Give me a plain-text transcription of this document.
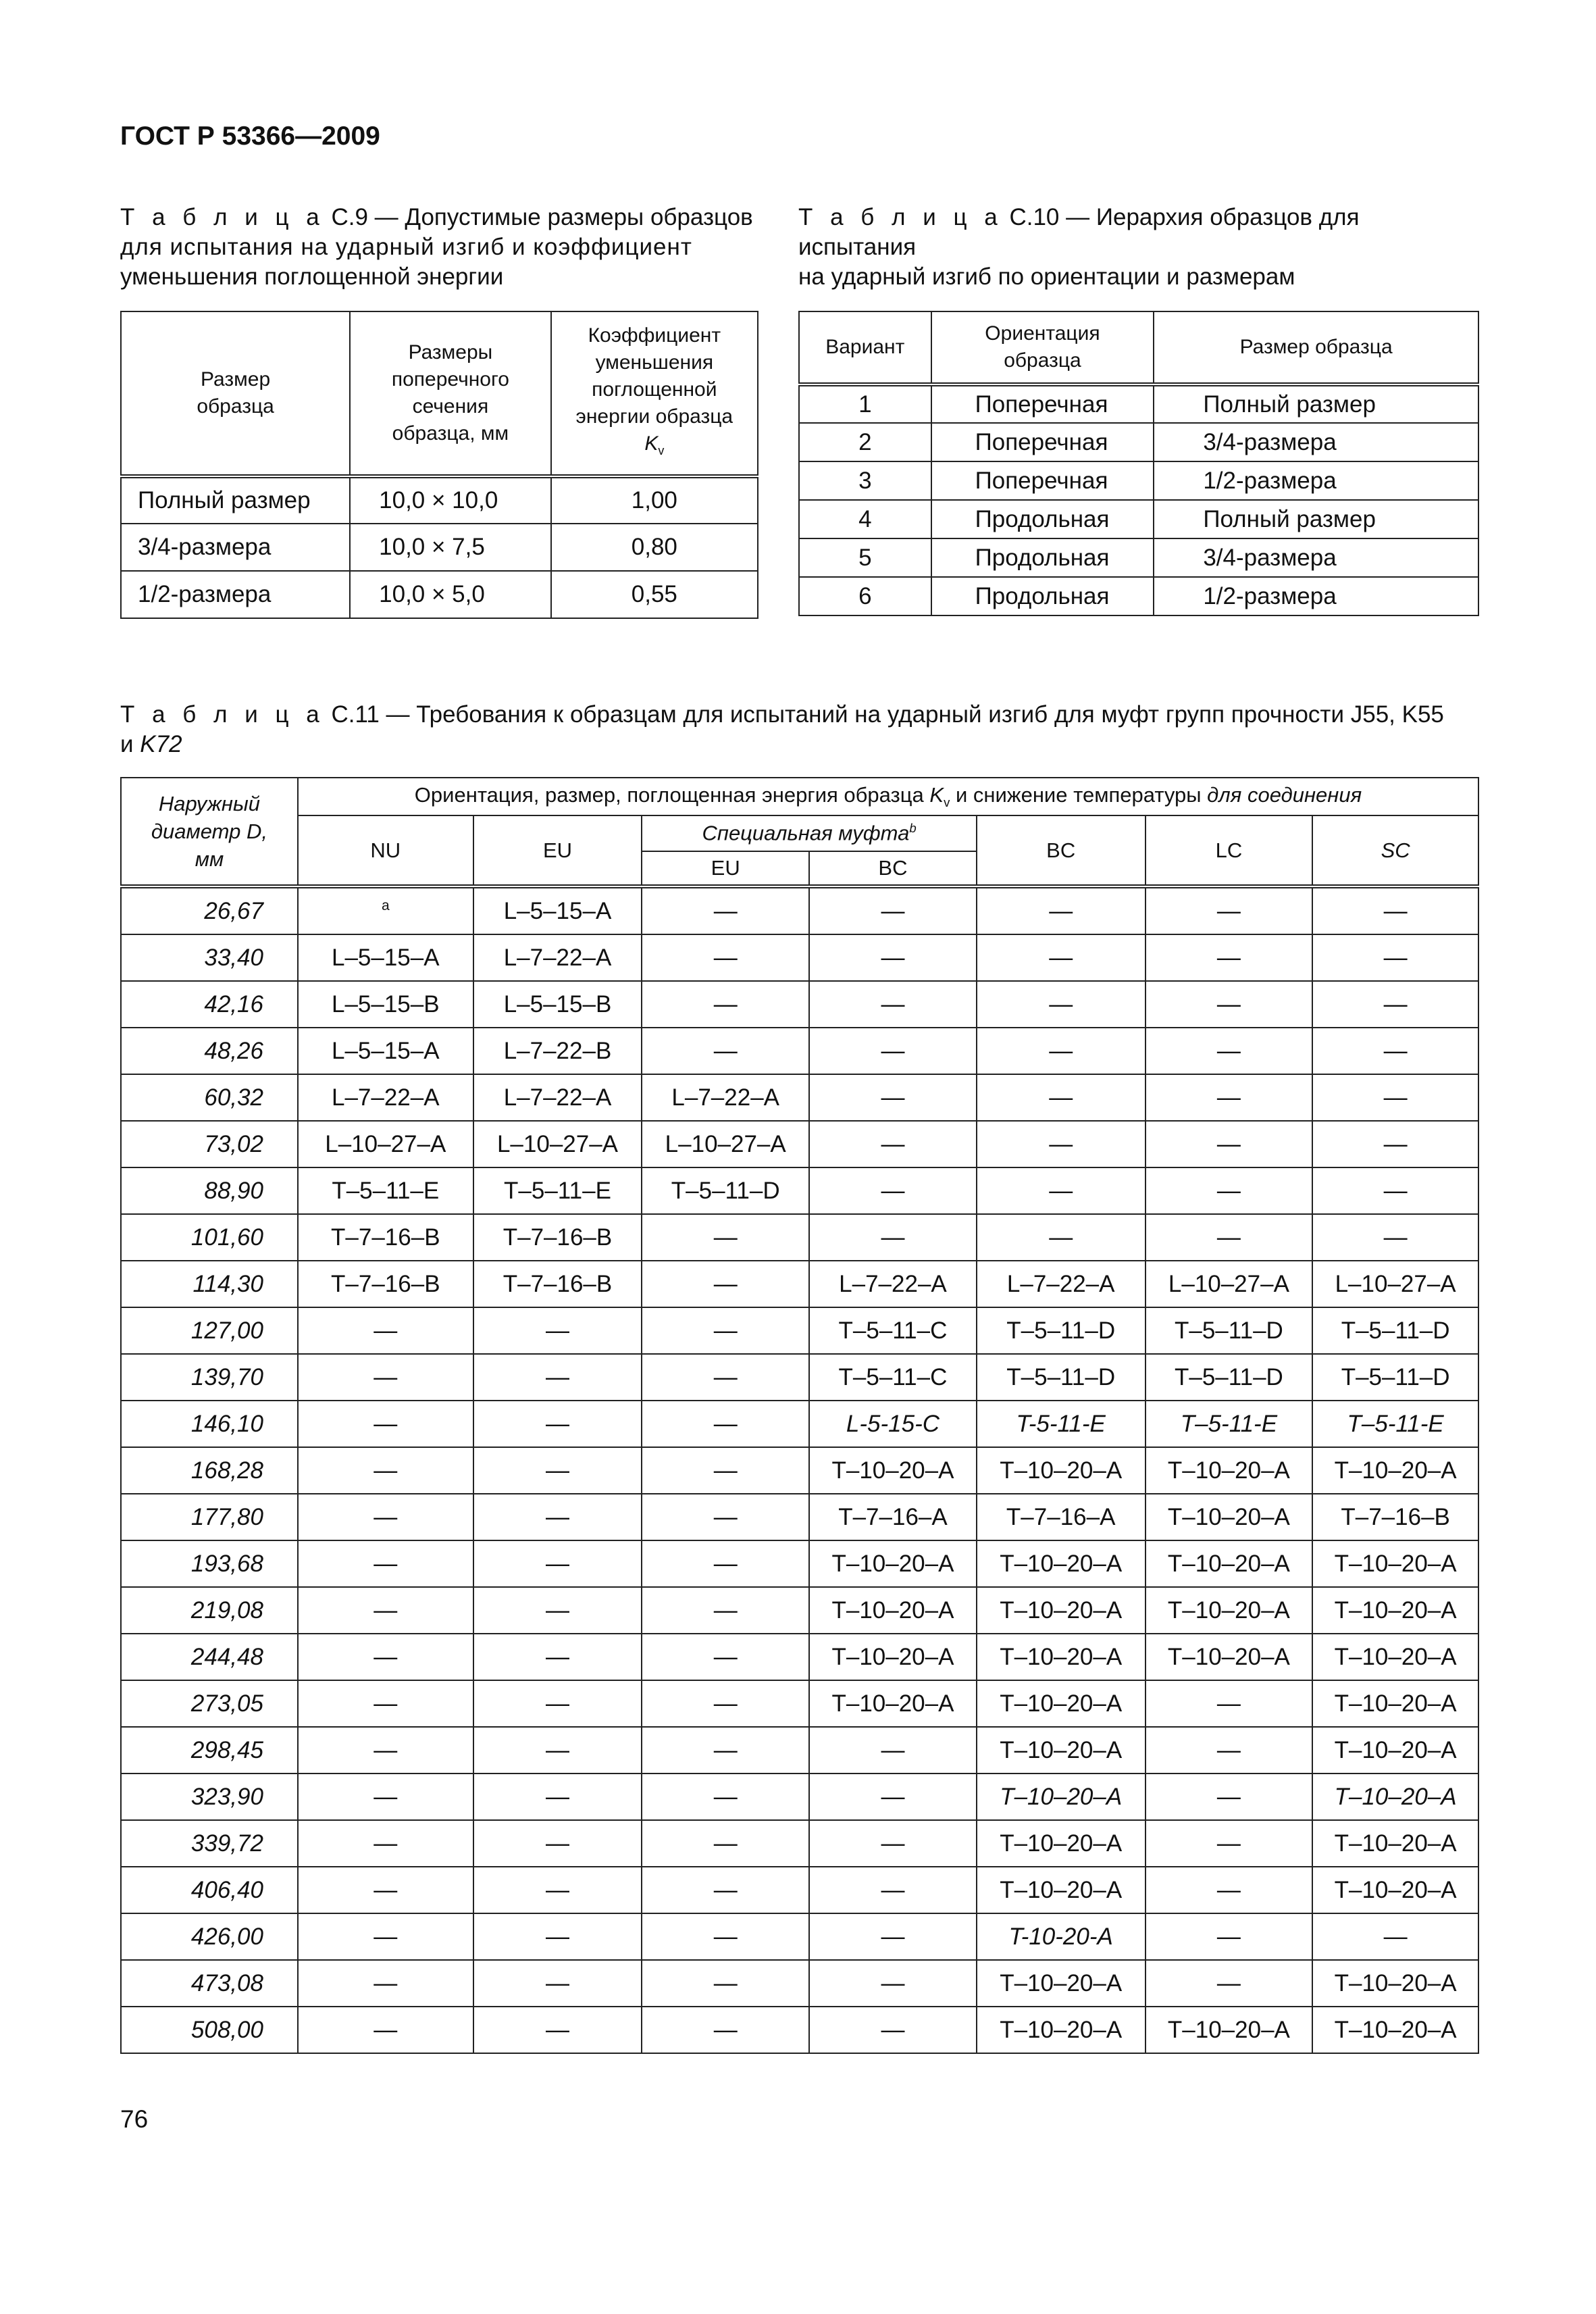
ГОСТ Р 53366—2009
Т а б л и ц а С.9 — Допустимые размеры образцов
для испытания на ударный изгиб и коэффициент
уменьшения поглощенной энергии
Размер образца	Размеры поперечного сечения образца, мм	Коэффициент уменьшения поглощенной энергии образца
$K_v$
Полный размер	10,0 × 10,0	1,00
3/4-размера	10,0 × 7,5	0,80
1/2-размера	10,0 × 5,0	0,55
Т а б л и ц а С.10 — Иерархия образцов для испытания
на ударный изгиб по ориентации и размерам
Вариант	Ориентация образца	Размер образца
1	Поперечная	Полный размер
2	Поперечная	3/4-размера
3	Поперечная	1/2-размера
4	Продольная	Полный размер
5	Продольная	3/4-размера
6	Продольная	1/2-размера
Т а б л и ц а С.11 — Требования к образцам для испытаний на ударный изгиб для муфт групп прочности J55, K55
и K72
Наружный диаметр D, мм	Ориентация, размер, поглощенная энергия образца $K_v$ и снижение температуры для соединения						
	NU	EU	Специальная муфта$^b$		BC	LC	SC
			EU	BC			
26,67	$^a$	L–5–15–A	—	—	—	—	—
33,40	L–5–15–A	L–7–22–A	—	—	—	—	—
42,16	L–5–15–B	L–5–15–B	—	—	—	—	—
48,26	L–5–15–A	L–7–22–B	—	—	—	—	—
60,32	L–7–22–A	L–7–22–A	L–7–22–A	—	—	—	—
73,02	L–10–27–A	L–10–27–A	L–10–27–A	—	—	—	—
88,90	T–5–11–E	T–5–11–E	T–5–11–D	—	—	—	—
101,60	T–7–16–B	T–7–16–B	—	—	—	—	—
114,30	T–7–16–B	T–7–16–B	—	L–7–22–A	L–7–22–A	L–10–27–A	L–10–27–A
127,00	—	—	—	T–5–11–C	T–5–11–D	T–5–11–D	T–5–11–D
139,70	—	—	—	T–5–11–C	T–5–11–D	T–5–11–D	T–5–11–D
146,10	—	—	—	L-5-15-C	T-5-11-E	T–5-11-E	T–5-11-E
168,28	—	—	—	T–10–20–A	T–10–20–A	T–10–20–A	T–10–20–A
177,80	—	—	—	T–7–16–A	T–7–16–A	T–10–20–A	T–7–16–B
193,68	—	—	—	T–10–20–A	T–10–20–A	T–10–20–A	T–10–20–A
219,08	—	—	—	T–10–20–A	T–10–20–A	T–10–20–A	T–10–20–A
244,48	—	—	—	T–10–20–A	T–10–20–A	T–10–20–A	T–10–20–A
273,05	—	—	—	T–10–20–A	T–10–20–A	—	T–10–20–A
298,45	—	—	—	—	T–10–20–A	—	T–10–20–A
323,90	—	—	—	—	T–10–20–A	—	T–10–20–A
339,72	—	—	—	—	T–10–20–A	—	T–10–20–A
406,40	—	—	—	—	T–10–20–A	—	T–10–20–A
426,00	—	—	—	—	T-10-20-A	—	—
473,08	—	—	—	—	T–10–20–A	—	T–10–20–A
508,00	—	—	—	—	T–10–20–A	T–10–20–A	T–10–20–A
76
